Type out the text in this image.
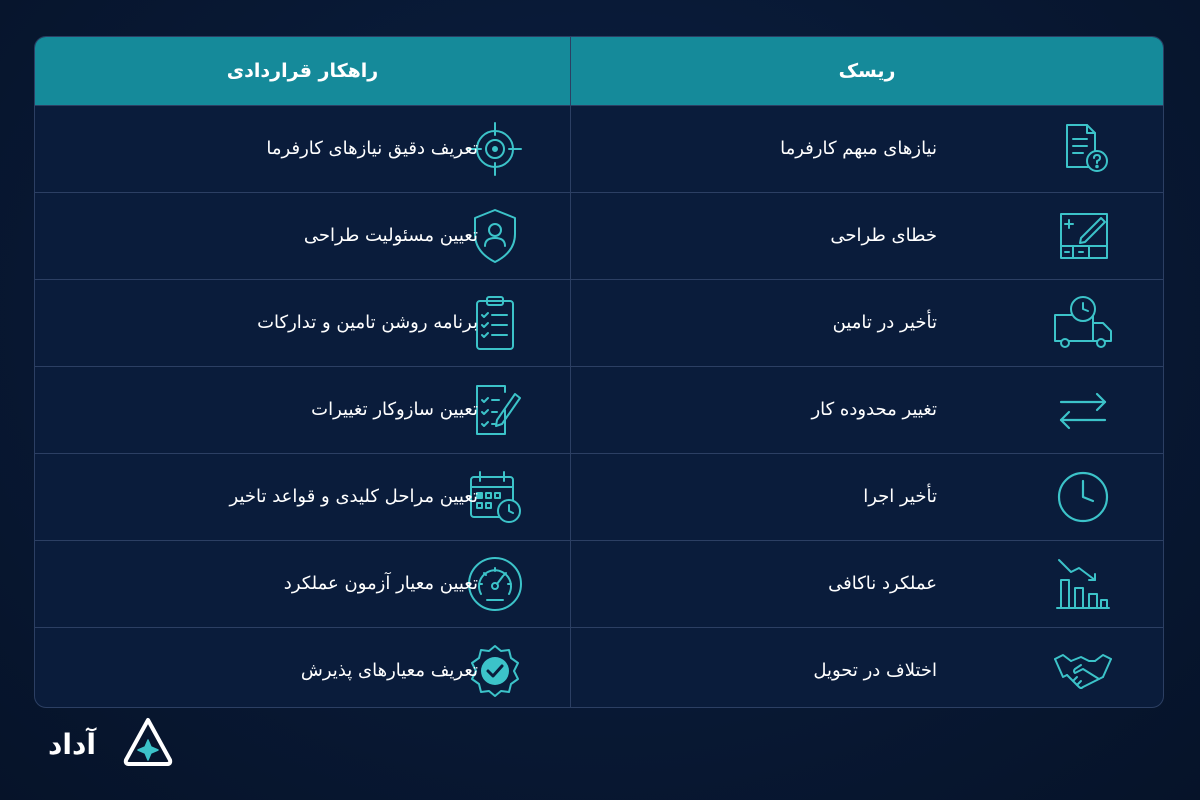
راهکار قراردادی	ریسک
نیازهای مبهم کارفرما
تعریف دقیق نیازهای کارفرما
خطای طراحی
تعیین مسئولیت طراحی
تأخیر در تامین
برنامه روشن تامین و تدارکات
تغییر محدوده کار
تعیین سازوکار تغییرات
تأخیر اجرا
تعیین مراحل کلیدی و قواعد تاخیر
عملکرد ناکافی
تعیین معیار آزمون عملکرد
اختلاف در تحویل
تعریف معیارهای پذیرش
آداد
